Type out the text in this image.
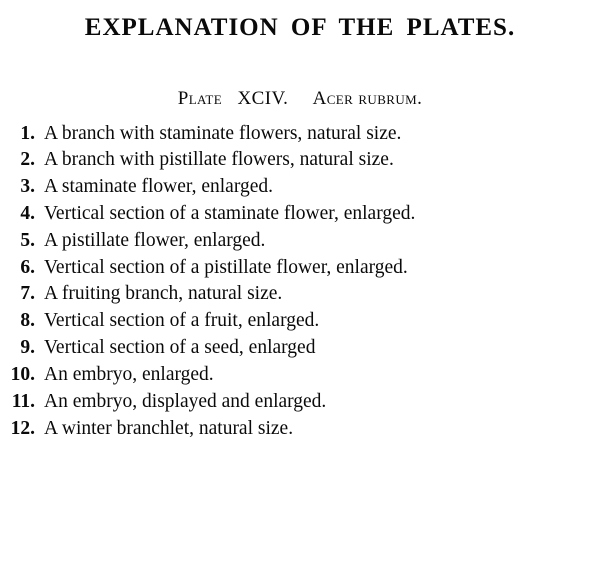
EXPLANATION OF THE PLATES.
Plate XCIV. Acer rubrum.
1. A branch with staminate flowers, natural size.
2. A branch with pistillate flowers, natural size.
3. A staminate flower, enlarged.
4. Vertical section of a staminate flower, enlarged.
5. A pistillate flower, enlarged.
6. Vertical section of a pistillate flower, enlarged.
7. A fruiting branch, natural size.
8. Vertical section of a fruit, enlarged.
9. Vertical section of a seed, enlarged
10. An embryo, enlarged.
11. An embryo, displayed and enlarged.
12. A winter branchlet, natural size.
